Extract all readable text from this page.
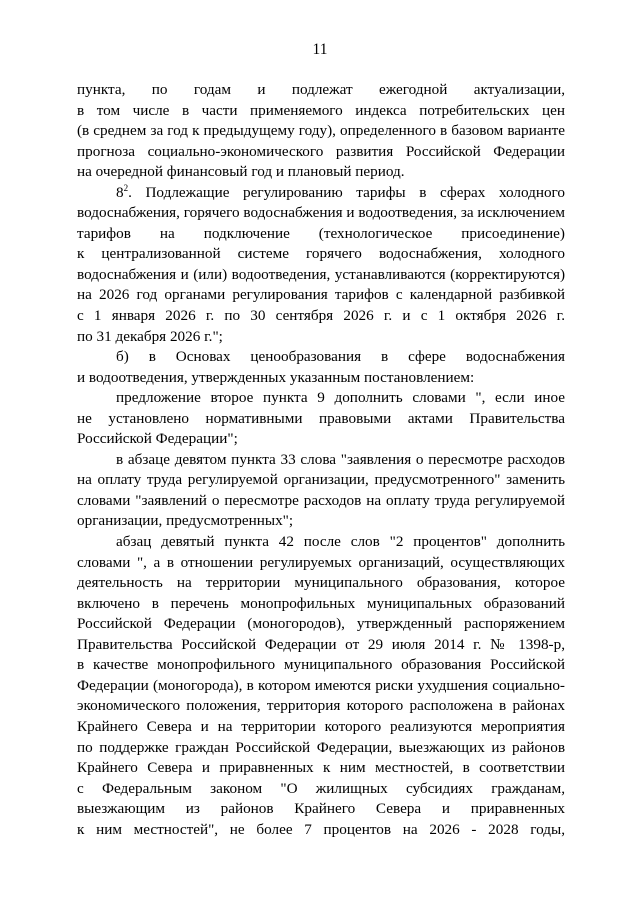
11
пункта, по годам и подлежат ежегодной актуализации,
в том числе в части применяемого индекса потребительских цен
(в среднем за год к предыдущему году), определенного в базовом варианте
прогноза социально-экономического развития Российской Федерации
на очередной финансовый год и плановый период.
$8^2$. Подлежащие регулированию тарифы в сферах холодного
водоснабжения, горячего водоснабжения и водоотведения, за исключением
тарифов на подключение (технологическое присоединение)
к централизованной системе горячего водоснабжения, холодного
водоснабжения и (или) водоотведения, устанавливаются (корректируются)
на 2026 год органами регулирования тарифов с календарной разбивкой
с 1 января 2026 г. по 30 сентября 2026 г. и с 1 октября 2026 г.
по 31 декабря 2026 г.";
б) в Основах ценообразования в сфере водоснабжения
и водоотведения, утвержденных указанным постановлением:
предложение второе пункта 9 дополнить словами ", если иное
не установлено нормативными правовыми актами Правительства
Российской Федерации";
в абзаце девятом пункта 33 слова "заявления о пересмотре расходов
на оплату труда регулируемой организации, предусмотренного" заменить
словами "заявлений о пересмотре расходов на оплату труда регулируемой
организации, предусмотренных";
абзац девятый пункта 42 после слов "2 процентов" дополнить
словами ", а в отношении регулируемых организаций, осуществляющих
деятельность на территории муниципального образования, которое
включено в перечень монопрофильных муниципальных образований
Российской Федерации (моногородов), утвержденный распоряжением
Правительства Российской Федерации от 29 июля 2014 г. № 1398-р,
в качестве монопрофильного муниципального образования Российской
Федерации (моногорода), в котором имеются риски ухудшения социально-
экономического положения, территория которого расположена в районах
Крайнего Севера и на территории которого реализуются мероприятия
по поддержке граждан Российской Федерации, выезжающих из районов
Крайнего Севера и приравненных к ним местностей, в соответствии
с Федеральным законом "О жилищных субсидиях гражданам,
выезжающим из районов Крайнего Севера и приравненных
к ним местностей", не более 7 процентов на 2026 - 2028 годы,
